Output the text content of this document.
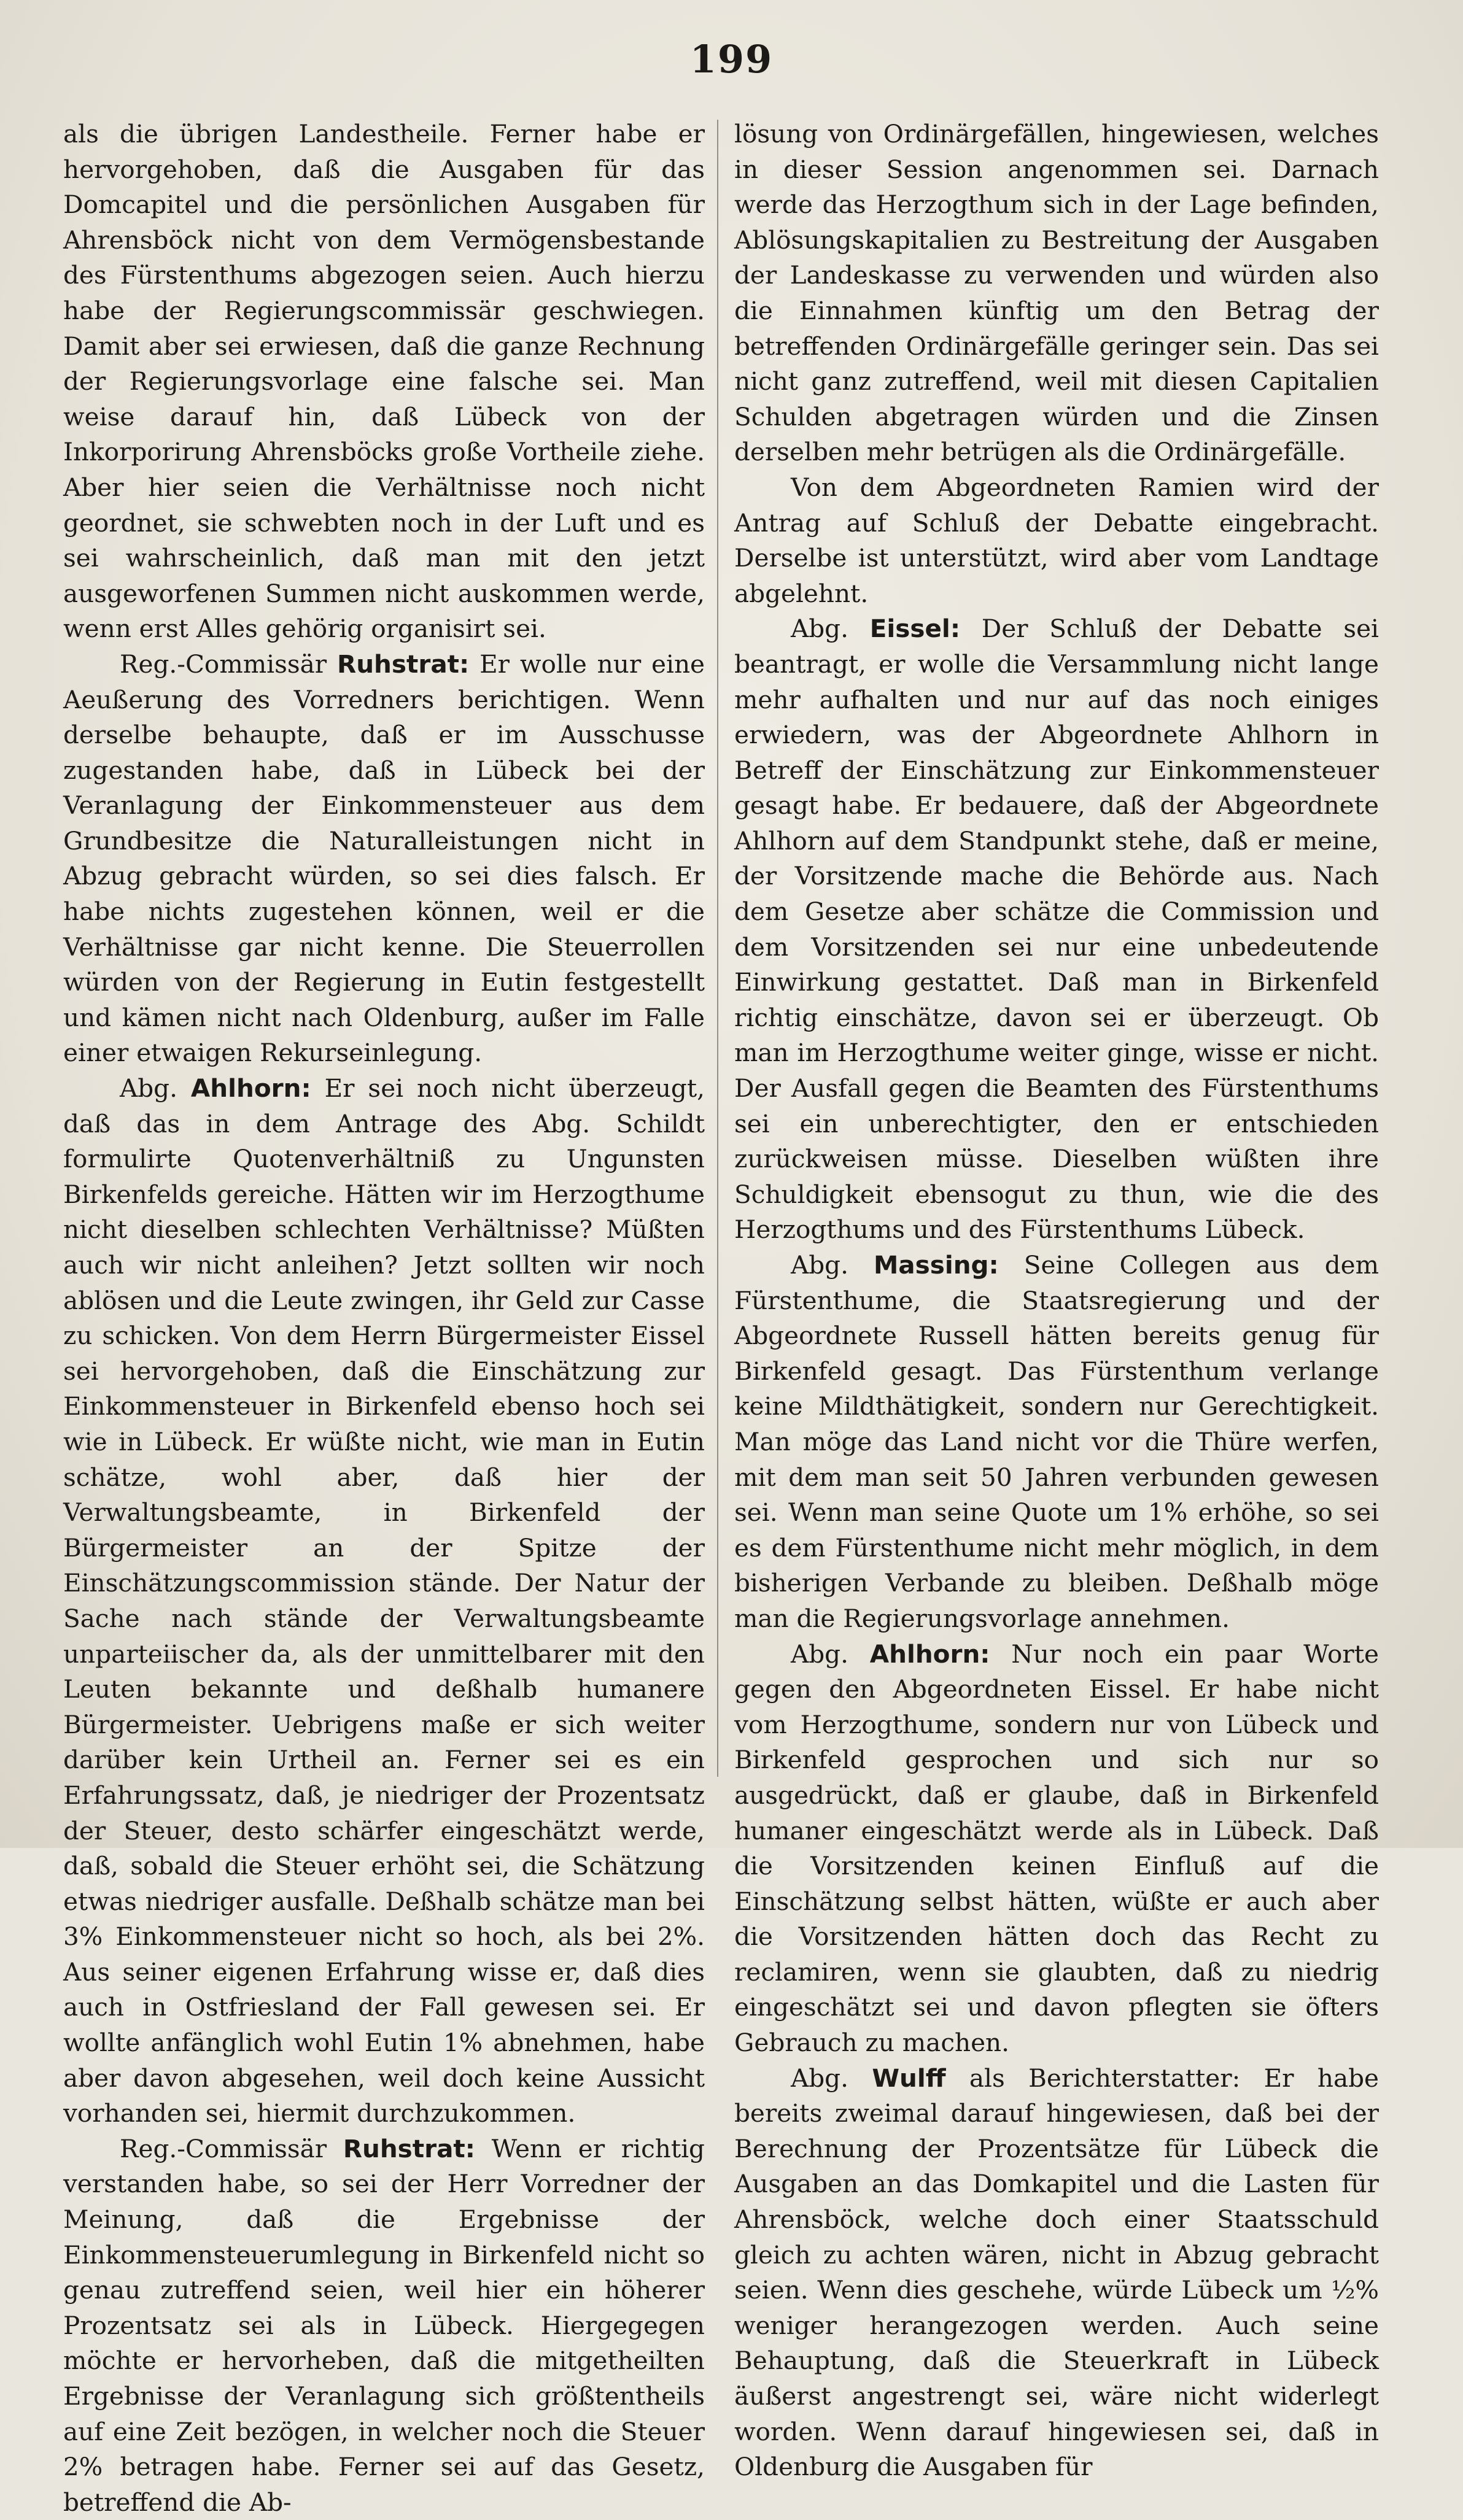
199

als die übrigen Landestheile. Ferner habe er hervorgehoben, daß die Ausgaben für das Domcapitel und die persönlichen Ausgaben für Ahrensböck nicht von dem Vermögensbestande des Fürstenthums abgezogen seien. Auch hierzu habe der Regierungscommissär geschwiegen. Damit aber sei erwiesen, daß die ganze Rechnung der Regierungsvorlage eine falsche sei. Man weise darauf hin, daß Lübeck von der Inkorporirung Ahrensböcks große Vortheile ziehe. Aber hier seien die Verhältnisse noch nicht geordnet, sie schwebten noch in der Luft und es sei wahrscheinlich, daß man mit den jetzt ausgeworfenen Summen nicht auskommen werde, wenn erst Alles gehörig organisirt sei.

Reg.-Commissär Ruhstrat: Er wolle nur eine Aeußerung des Vorredners berichtigen. Wenn derselbe behaupte, daß er im Ausschusse zugestanden habe, daß in Lübeck bei der Veranlagung der Einkommensteuer aus dem Grundbesitze die Naturalleistungen nicht in Abzug gebracht würden, so sei dies falsch. Er habe nichts zugestehen können, weil er die Verhältnisse gar nicht kenne. Die Steuerrollen würden von der Regierung in Eutin festgestellt und kämen nicht nach Oldenburg, außer im Falle einer etwaigen Rekurseinlegung.

Abg. Ahlhorn: Er sei noch nicht überzeugt, daß das in dem Antrage des Abg. Schildt formulirte Quotenverhältniß zu Ungunsten Birkenfelds gereiche. Hätten wir im Herzogthume nicht dieselben schlechten Verhältnisse? Müßten auch wir nicht anleihen? Jetzt sollten wir noch ablösen und die Leute zwingen, ihr Geld zur Casse zu schicken. Von dem Herrn Bürgermeister Eissel sei hervorgehoben, daß die Einschätzung zur Einkommensteuer in Birkenfeld ebenso hoch sei wie in Lübeck. Er wüßte nicht, wie man in Eutin schätze, wohl aber, daß hier der Verwaltungsbeamte, in Birkenfeld der Bürgermeister an der Spitze der Einschätzungscommission stände. Der Natur der Sache nach stände der Verwaltungsbeamte unparteiischer da, als der unmittelbarer mit den Leuten bekannte und deßhalb humanere Bürgermeister. Uebrigens maße er sich weiter darüber kein Urtheil an. Ferner sei es ein Erfahrungssatz, daß, je niedriger der Prozentsatz der Steuer, desto schärfer eingeschätzt werde, daß, sobald die Steuer erhöht sei, die Schätzung etwas niedriger ausfalle. Deßhalb schätze man bei 3% Einkommensteuer nicht so hoch, als bei 2%. Aus seiner eigenen Erfahrung wisse er, daß dies auch in Ostfriesland der Fall gewesen sei. Er wollte anfänglich wohl Eutin 1% abnehmen, habe aber davon abgesehen, weil doch keine Aussicht vorhanden sei, hiermit durchzukommen.

Reg.-Commissär Ruhstrat: Wenn er richtig verstanden habe, so sei der Herr Vorredner der Meinung, daß die Ergebnisse der Einkommensteuerumlegung in Birkenfeld nicht so genau zutreffend seien, weil hier ein höherer Prozentsatz sei als in Lübeck. Hiergegegen möchte er hervorheben, daß die mitgetheilten Ergebnisse der Veranlagung sich größtentheils auf eine Zeit bezögen, in welcher noch die Steuer 2% betragen habe. Ferner sei auf das Gesetz, betreffend die Ab-

lösung von Ordinärgefällen, hingewiesen, welches in dieser Session angenommen sei. Darnach werde das Herzogthum sich in der Lage befinden, Ablösungskapitalien zu Bestreitung der Ausgaben der Landeskasse zu verwenden und würden also die Einnahmen künftig um den Betrag der betreffenden Ordinärgefälle geringer sein. Das sei nicht ganz zutreffend, weil mit diesen Capitalien Schulden abgetragen würden und die Zinsen derselben mehr betrügen als die Ordinärgefälle.

Von dem Abgeordneten Ramien wird der Antrag auf Schluß der Debatte eingebracht. Derselbe ist unterstützt, wird aber vom Landtage abgelehnt.

Abg. Eissel: Der Schluß der Debatte sei beantragt, er wolle die Versammlung nicht lange mehr aufhalten und nur auf das noch einiges erwiedern, was der Abgeordnete Ahlhorn in Betreff der Einschätzung zur Einkommensteuer gesagt habe. Er bedauere, daß der Abgeordnete Ahlhorn auf dem Standpunkt stehe, daß er meine, der Vorsitzende mache die Behörde aus. Nach dem Gesetze aber schätze die Commission und dem Vorsitzenden sei nur eine unbedeutende Einwirkung gestattet. Daß man in Birkenfeld richtig einschätze, davon sei er überzeugt. Ob man im Herzogthume weiter ginge, wisse er nicht. Der Ausfall gegen die Beamten des Fürstenthums sei ein unberechtigter, den er entschieden zurückweisen müsse. Dieselben wüßten ihre Schuldigkeit ebensogut zu thun, wie die des Herzogthums und des Fürstenthums Lübeck.

Abg. Massing: Seine Collegen aus dem Fürstenthume, die Staatsregierung und der Abgeordnete Russell hätten bereits genug für Birkenfeld gesagt. Das Fürstenthum verlange keine Mildthätigkeit, sondern nur Gerechtigkeit. Man möge das Land nicht vor die Thüre werfen, mit dem man seit 50 Jahren verbunden gewesen sei. Wenn man seine Quote um 1% erhöhe, so sei es dem Fürstenthume nicht mehr möglich, in dem bisherigen Verbande zu bleiben. Deßhalb möge man die Regierungsvorlage annehmen.

Abg. Ahlhorn: Nur noch ein paar Worte gegen den Abgeordneten Eissel. Er habe nicht vom Herzogthume, sondern nur von Lübeck und Birkenfeld gesprochen und sich nur so ausgedrückt, daß er glaube, daß in Birkenfeld humaner eingeschätzt werde als in Lübeck. Daß die Vorsitzenden keinen Einfluß auf die Einschätzung selbst hätten, wüßte er auch aber die Vorsitzenden hätten doch das Recht zu reclamiren, wenn sie glaubten, daß zu niedrig eingeschätzt sei und davon pflegten sie öfters Gebrauch zu machen.

Abg. Wulff als Berichterstatter: Er habe bereits zweimal darauf hingewiesen, daß bei der Berechnung der Prozentsätze für Lübeck die Ausgaben an das Domkapitel und die Lasten für Ahrensböck, welche doch einer Staatsschuld gleich zu achten wären, nicht in Abzug gebracht seien. Wenn dies geschehe, würde Lübeck um ½% weniger herangezogen werden. Auch seine Behauptung, daß die Steuerkraft in Lübeck äußerst angestrengt sei, wäre nicht widerlegt worden. Wenn darauf hingewiesen sei, daß in Oldenburg die Ausgaben für
